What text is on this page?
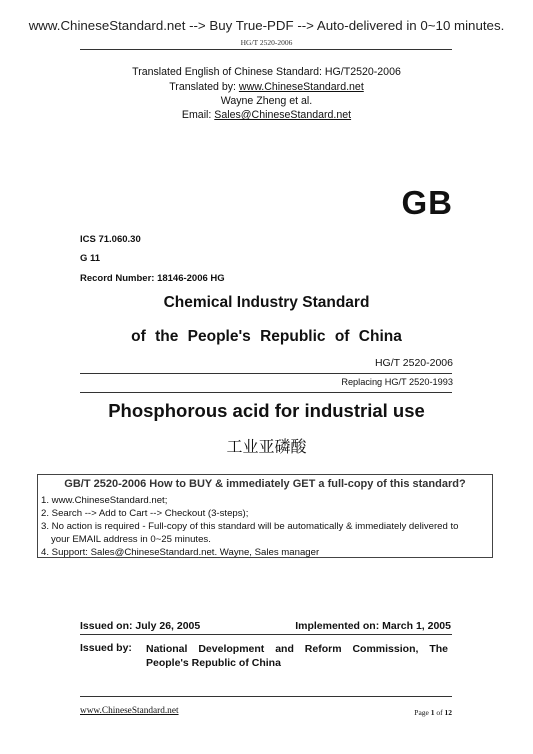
www.ChineseStandard.net --> Buy True-PDF --> Auto-delivered in 0~10 minutes.
HG/T 2520-2006
Translated English of Chinese Standard: HG/T2520-2006
Translated by: www.ChineseStandard.net
Wayne Zheng et al.
Email: Sales@ChineseStandard.net
GB
ICS 71.060.30
G 11
Record Number: 18146-2006 HG
Chemical Industry Standard
of the People's Republic of China
HG/T 2520-2006
Replacing HG/T 2520-1993
Phosphorous acid for industrial use
工业亚磷酸
GB/T 2520-2006 How to BUY & immediately GET a full-copy of this standard?
1. www.ChineseStandard.net;
2. Search --> Add to Cart --> Checkout (3-steps);
3. No action is required - Full-copy of this standard will be automatically & immediately delivered to
your EMAIL address in 0~25 minutes.
4. Support: Sales@ChineseStandard.net. Wayne, Sales manager
Issued on: July 26, 2005	Implemented on: March 1, 2005
Issued by: National Development and Reform Commission, The
People's Republic of China
www.ChineseStandard.net	Page 1 of 12
